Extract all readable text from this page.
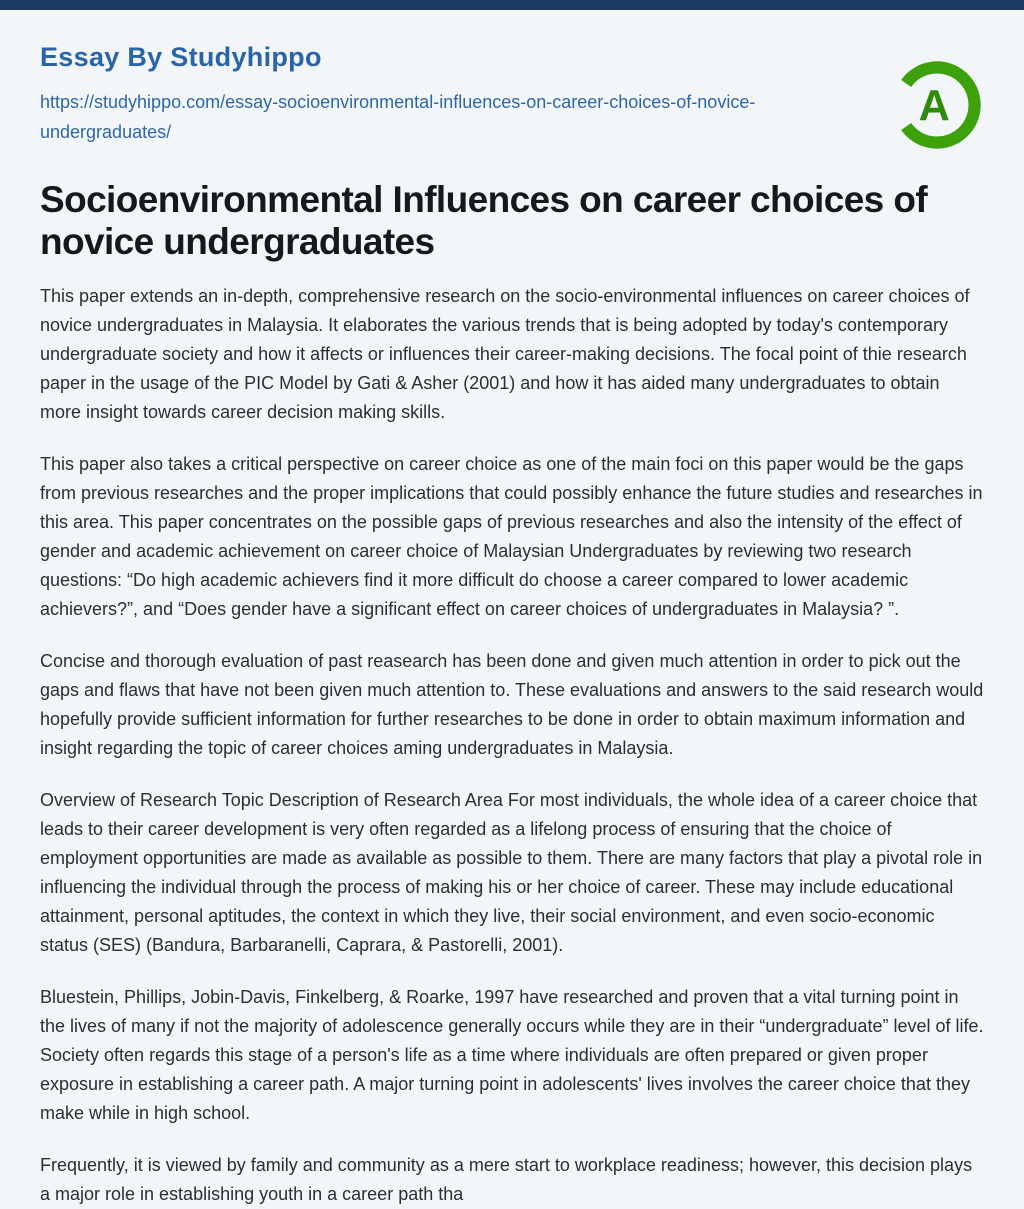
Essay By Studyhippo
https://studyhippo.com/essay-socioenvironmental-influences-on-career-choices-of-novice-undergraduates/
A
Socioenvironmental Influences on career choices of novice undergraduates

This paper extends an in-depth, comprehensive research on the socio-environmental influences on career choices of novice undergraduates in Malaysia. It elaborates the various trends that is being adopted by today's contemporary undergraduate society and how it affects or influences their career-making decisions. The focal point of thie research paper in the usage of the PIC Model by Gati & Asher (2001) and how it has aided many undergraduates to obtain more insight towards career decision making skills.

This paper also takes a critical perspective on career choice as one of the main foci on this paper would be the gaps from previous researches and the proper implications that could possibly enhance the future studies and researches in this area. This paper concentrates on the possible gaps of previous researches and also the intensity of the effect of gender and academic achievement on career choice of Malaysian Undergraduates by reviewing two research questions: “Do high academic achievers find it more difficult do choose a career compared to lower academic achievers?”, and “Does gender have a significant effect on career choices of undergraduates in Malaysia? ”.

Concise and thorough evaluation of past reasearch has been done and given much attention in order to pick out the gaps and flaws that have not been given much attention to. These evaluations and answers to the said research would hopefully provide sufficient information for further researches to be done in order to obtain maximum information and insight regarding the topic of career choices aming undergraduates in Malaysia.

Overview of Research Topic Description of Research Area For most individuals, the whole idea of a career choice that leads to their career development is very often regarded as a lifelong process of ensuring that the choice of employment opportunities are made as available as possible to them. There are many factors that play a pivotal role in influencing the individual through the process of making his or her choice of career. These may include educational attainment, personal aptitudes, the context in which they live, their social environment, and even socio-economic status (SES) (Bandura, Barbaranelli, Caprara, & Pastorelli, 2001).

Bluestein, Phillips, Jobin-Davis, Finkelberg, & Roarke, 1997 have researched and proven that a vital turning point in the lives of many if not the majority of adolescence generally occurs while they are in their “undergraduate” level of life. Society often regards this stage of a person's life as a time where individuals are often prepared or given proper exposure in establishing a career path. A major turning point in adolescents' lives involves the career choice that they make while in high school.

Frequently, it is viewed by family and community as a mere start to workplace readiness; however, this decision plays a major role in establishing youth in a career path tha
